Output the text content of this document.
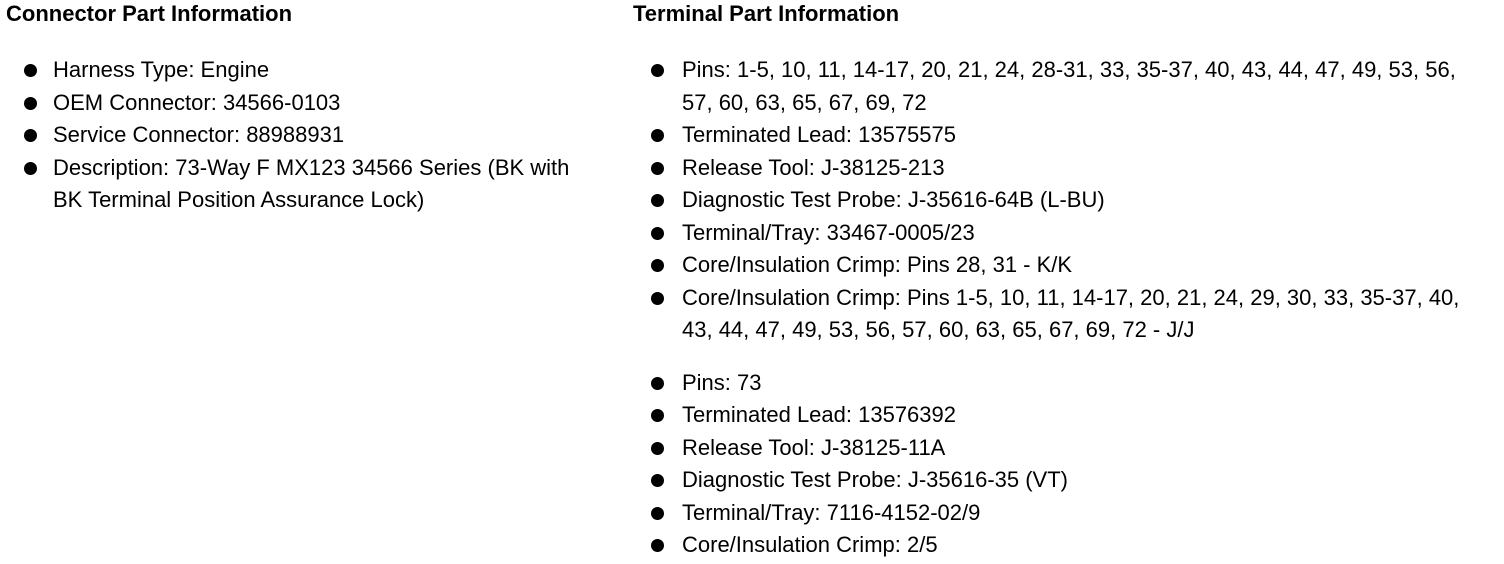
Connector Part Information
Harness Type: Engine
OEM Connector: 34566-0103
Service Connector: 88988931
Description: 73-Way F MX123 34566 Series (BK with BK Terminal Position Assurance Lock)
Terminal Part Information
Pins: 1-5, 10, 11, 14-17, 20, 21, 24, 28-31, 33, 35-37, 40, 43, 44, 47, 49, 53, 56, 57, 60, 63, 65, 67, 69, 72
Terminated Lead: 13575575
Release Tool: J-38125-213
Diagnostic Test Probe: J-35616-64B (L-BU)
Terminal/Tray: 33467-0005/23
Core/Insulation Crimp: Pins 28, 31 - K/K
Core/Insulation Crimp: Pins 1-5, 10, 11, 14-17, 20, 21, 24, 29, 30, 33, 35-37, 40, 43, 44, 47, 49, 53, 56, 57, 60, 63, 65, 67, 69, 72 - J/J
Pins: 73
Terminated Lead: 13576392
Release Tool: J-38125-11A
Diagnostic Test Probe: J-35616-35 (VT)
Terminal/Tray: 7116-4152-02/9
Core/Insulation Crimp: 2/5
